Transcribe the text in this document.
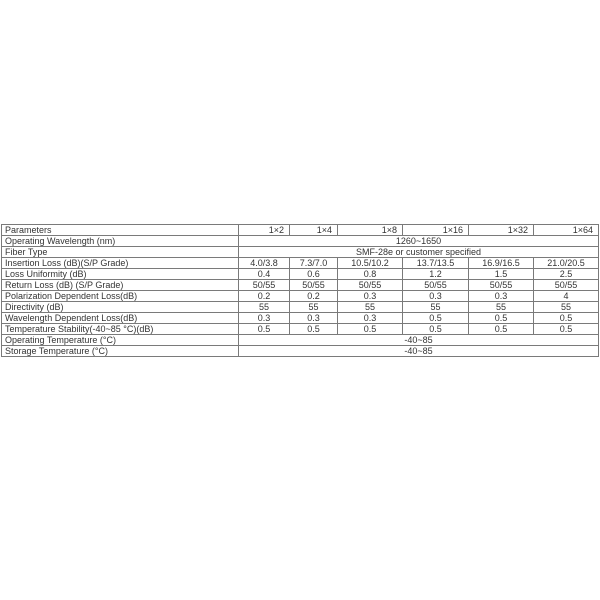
Parameters	1×2	1×4	1×8	1×16	1×32	1×64
Operating Wavelength (nm)	1260~1650					
Fiber Type	SMF-28e or customer specified					
Insertion Loss (dB)(S/P Grade)	4.0/3.8	7.3/7.0	10.5/10.2	13.7/13.5	16.9/16.5	21.0/20.5
Loss Uniformity (dB)	0.4	0.6	0.8	1.2	1.5	2.5
Return Loss (dB) (S/P Grade)	50/55	50/55	50/55	50/55	50/55	50/55
Polarization Dependent Loss(dB)	0.2	0.2	0.3	0.3	0.3	4
Directivity (dB)	55	55	55	55	55	55
Wavelength Dependent Loss(dB)	0.3	0.3	0.3	0.5	0.5	0.5
Temperature Stability(-40~85 °C)(dB)	0.5	0.5	0.5	0.5	0.5	0.5
Operating Temperature (°C)	-40~85					
Storage Temperature (°C)	-40~85					
